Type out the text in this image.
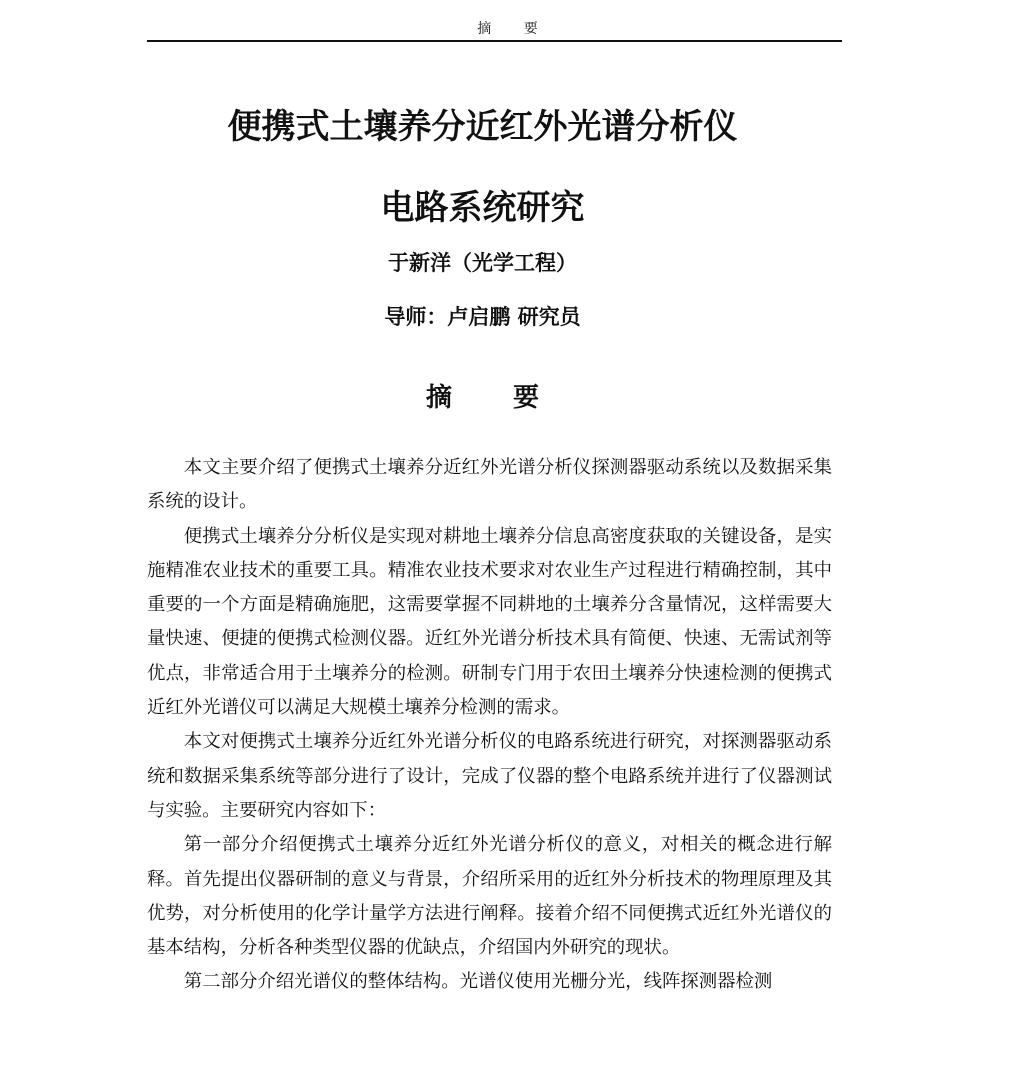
摘 要
便携式土壤养分近红外光谱分析仪
电路系统研究
于新洋（光学工程）
导师：卢启鹏 研究员
摘 要

本文主要介绍了便携式土壤养分近红外光谱分析仪探测器驱动系统以及数据采集系统的设计。

便携式土壤养分分析仪是实现对耕地土壤养分信息高密度获取的关键设备，是实施精准农业技术的重要工具。精准农业技术要求对农业生产过程进行精确控制，其中重要的一个方面是精确施肥，这需要掌握不同耕地的土壤养分含量情况，这样需要大量快速、便捷的便携式检测仪器。近红外光谱分析技术具有简便、快速、无需试剂等优点，非常适合用于土壤养分的检测。研制专门用于农田土壤养分快速检测的便携式近红外光谱仪可以满足大规模土壤养分检测的需求。

本文对便携式土壤养分近红外光谱分析仪的电路系统进行研究，对探测器驱动系统和数据采集系统等部分进行了设计，完成了仪器的整个电路系统并进行了仪器测试与实验。主要研究内容如下：

第一部分介绍便携式土壤养分近红外光谱分析仪的意义，对相关的概念进行解释。首先提出仪器研制的意义与背景，介绍所采用的近红外分析技术的物理原理及其优势，对分析使用的化学计量学方法进行阐释。接着介绍不同便携式近红外光谱仪的基本结构，分析各种类型仪器的优缺点，介绍国内外研究的现状。

第二部分介绍光谱仪的整体结构。光谱仪使用光栅分光，线阵探测器检测
